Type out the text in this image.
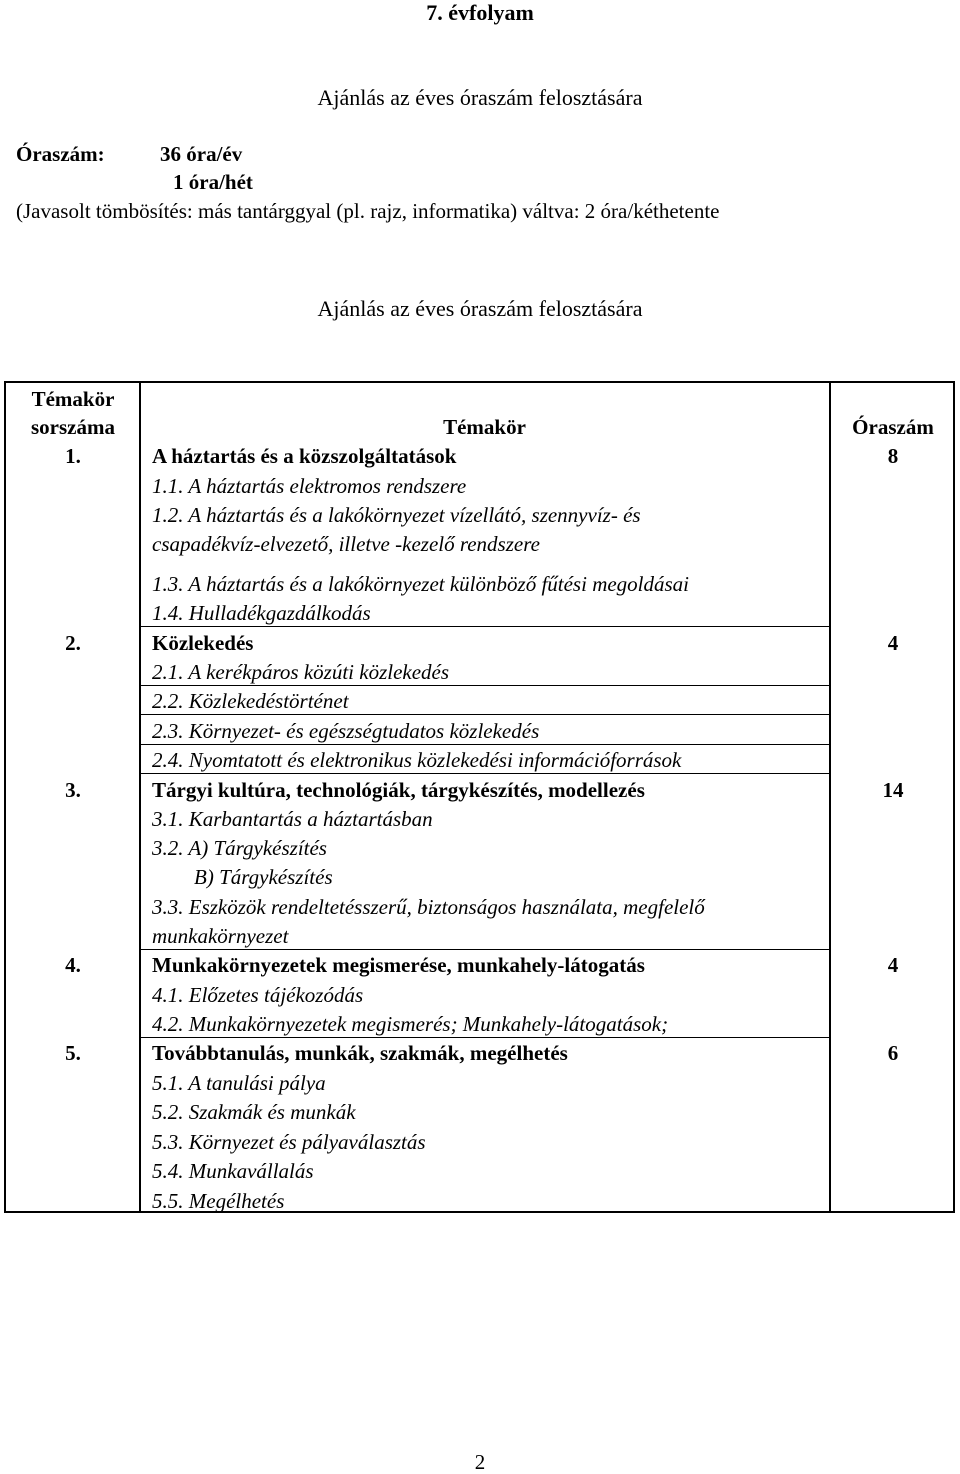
7. évfolyam
Ajánlás az éves óraszám felosztására
Óraszám:	36 óra/év
1 óra/hét
(Javasolt tömbösítés: más tantárggyal (pl. rajz, informatika) váltva: 2 óra/kéthetente
Ajánlás az éves óraszám felosztására
Témakör
sorszáma	Témakör	Óraszám
1.	A háztartás és a közszolgáltatások	8
1.1. A háztartás elektromos rendszere
1.2. A háztartás és a lakókörnyezet vízellátó, szennyvíz- és
csapadékvíz-elvezető, illetve -kezelő rendszere
1.3. A háztartás és a lakókörnyezet különböző fűtési megoldásai
1.4. Hulladékgazdálkodás
2.	Közlekedés	4
2.1. A kerékpáros közúti közlekedés
2.2. Közlekedéstörténet
2.3. Környezet- és egészségtudatos közlekedés
2.4. Nyomtatott és elektronikus közlekedési információforrások
3.	Tárgyi kultúra, technológiák, tárgykészítés, modellezés	14
3.1. Karbantartás a háztartásban
3.2. A) Tárgykészítés
B) Tárgykészítés
3.3. Eszközök rendeltetésszerű, biztonságos használata, megfelelő
munkakörnyezet
4.	Munkakörnyezetek megismerése, munkahely-látogatás	4
4.1. Előzetes tájékozódás
4.2. Munkakörnyezetek megismerés; Munkahely-látogatások;
5.	Továbbtanulás, munkák, szakmák, megélhetés	6
5.1. A tanulási pálya
5.2. Szakmák és munkák
5.3. Környezet és pályaválasztás
5.4. Munkavállalás
5.5. Megélhetés
2
